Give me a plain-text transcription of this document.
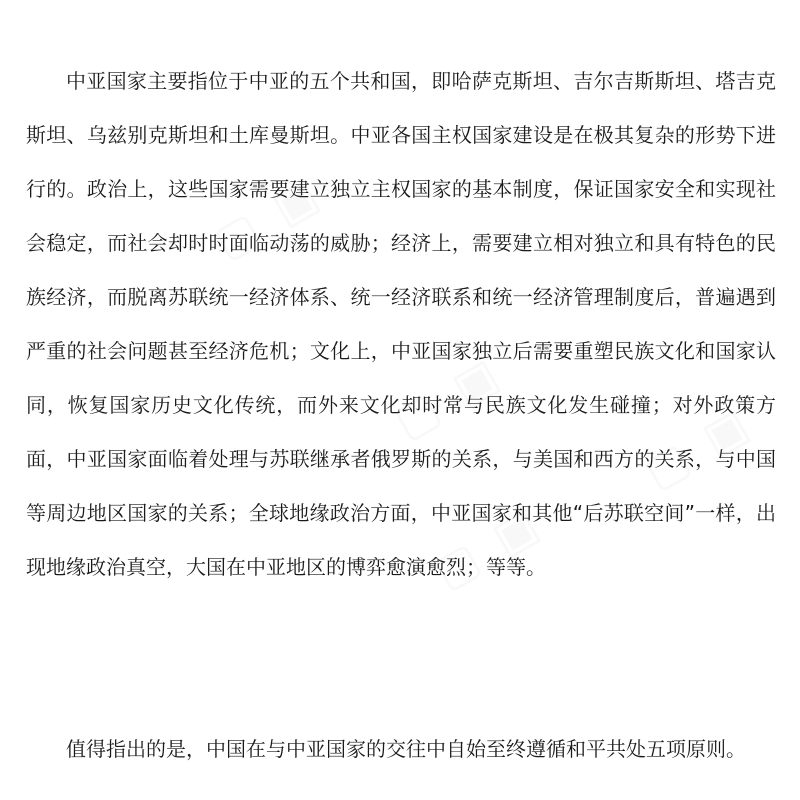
中亚国家主要指位于中亚的五个共和国，即哈萨克斯坦、吉尔吉斯斯坦、塔吉克斯坦、乌兹别克斯坦和土库曼斯坦。中亚各国主权国家建设是在极其复杂的形势下进行的。政治上，这些国家需要建立独立主权国家的基本制度，保证国家安全和实现社会稳定，而社会却时时面临动荡的威胁；经济上，需要建立相对独立和具有特色的民族经济，而脱离苏联统一经济体系、统一经济联系和统一经济管理制度后，普遍遇到严重的社会问题甚至经济危机；文化上，中亚国家独立后需要重塑民族文化和国家认同，恢复国家历史文化传统，而外来文化却时常与民族文化发生碰撞；对外政策方面，中亚国家面临着处理与苏联继承者俄罗斯的关系，与美国和西方的关系，与中国等周边地区国家的关系；全球地缘政治方面，中亚国家和其他“后苏联空间”一样，出现地缘政治真空，大国在中亚地区的博弈愈演愈烈；等等。

值得指出的是，中国在与中亚国家的交往中自始至终遵循和平共处五项原则。

▢ ▣
▢ ▣	▢ ▣
▢ ▣
